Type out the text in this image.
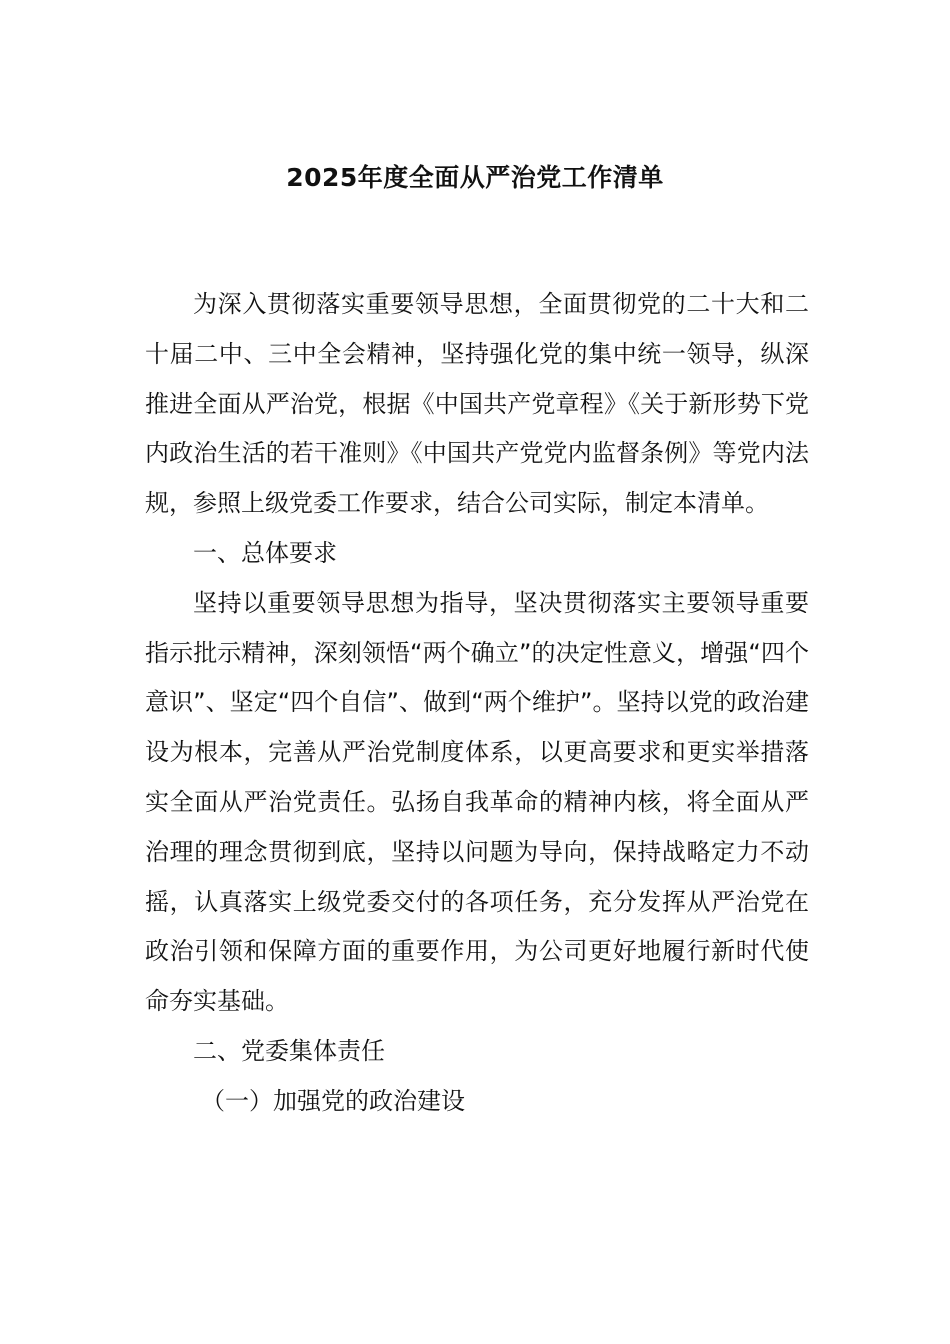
2025年度全面从严治党工作清单

为深入贯彻落实重要领导思想，全面贯彻党的二十大和二十届二中、三中全会精神，坚持强化党的集中统一领导，纵深推进全面从严治党，根据《中国共产党章程》《关于新形势下党内政治生活的若干准则》《中国共产党党内监督条例》等党内法规，参照上级党委工作要求，结合公司实际，制定本清单。

一、总体要求

坚持以重要领导思想为指导，坚决贯彻落实主要领导重要指示批示精神，深刻领悟“两个确立”的决定性意义，增强“四个意识”、坚定“四个自信”、做到“两个维护”。坚持以党的政治建设为根本，完善从严治党制度体系，以更高要求和更实举措落实全面从严治党责任。弘扬自我革命的精神内核，将全面从严治理的理念贯彻到底，坚持以问题为导向，保持战略定力不动摇，认真落实上级党委交付的各项任务，充分发挥从严治党在政治引领和保障方面的重要作用，为公司更好地履行新时代使命夯实基础。

二、党委集体责任

（一）加强党的政治建设
